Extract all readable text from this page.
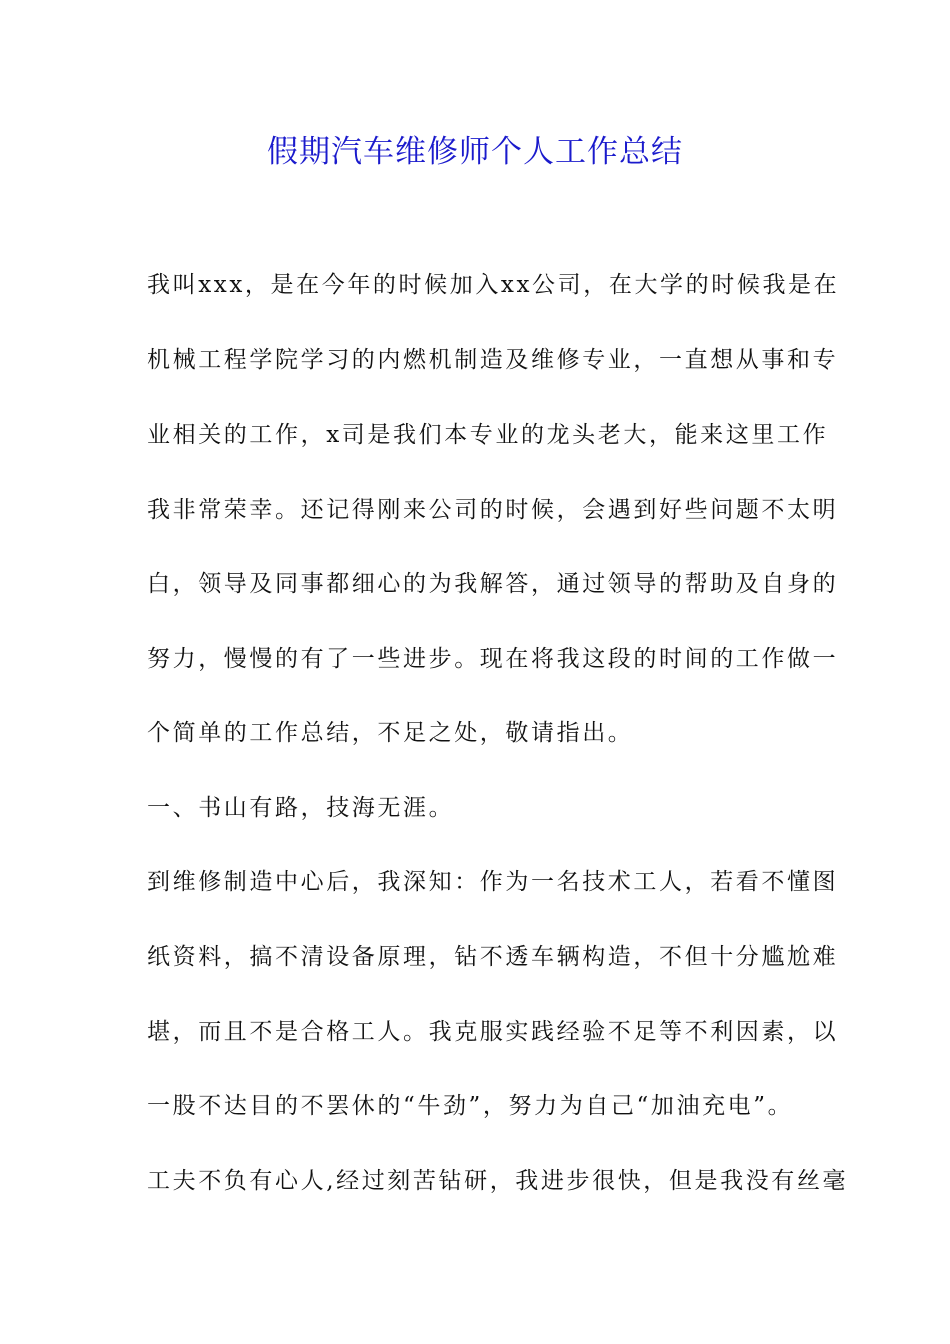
假期汽车维修师个人工作总结

我叫xxx，是在今年的时候加入xx公司，在大学的时候我是在

机械工程学院学习的内燃机制造及维修专业，一直想从事和专

业相关的工作，x司是我们本专业的龙头老大，能来这里工作

我非常荣幸。还记得刚来公司的时候，会遇到好些问题不太明

白，领导及同事都细心的为我解答，通过领导的帮助及自身的

努力，慢慢的有了一些进步。现在将我这段的时间的工作做一

个简单的工作总结，不足之处，敬请指出。

一、书山有路，技海无涯。

到维修制造中心后，我深知：作为一名技术工人，若看不懂图

纸资料，搞不清设备原理，钻不透车辆构造，不但十分尴尬难

堪，而且不是合格工人。我克服实践经验不足等不利因素，以

一股不达目的不罢休的“牛劲”，努力为自己“加油充电”。

工夫不负有心人,经过刻苦钻研，我进步很快，但是我没有丝毫
